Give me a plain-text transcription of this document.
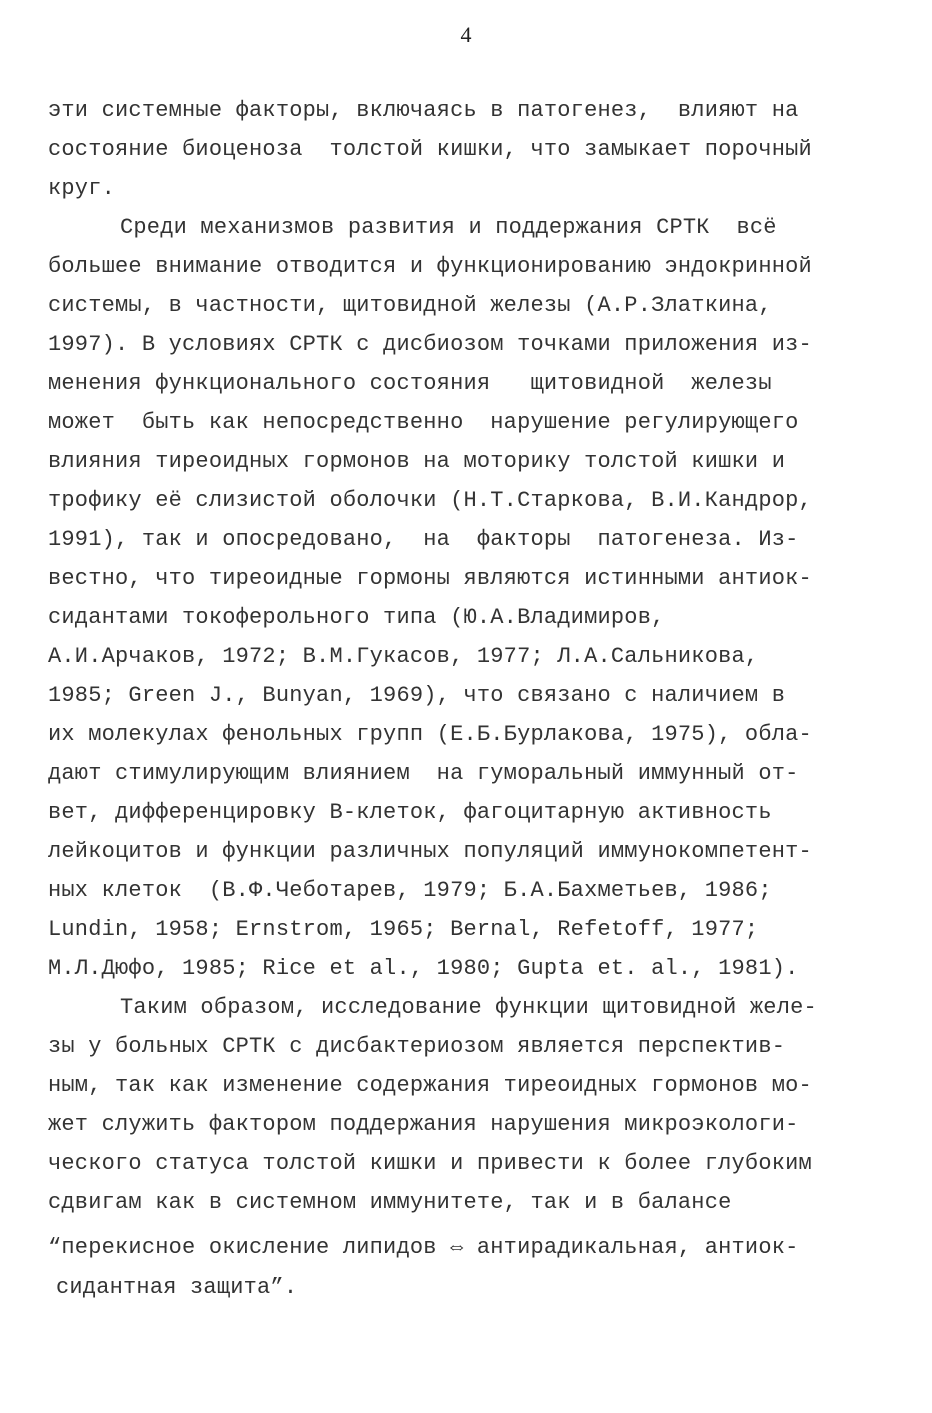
4
эти системные факторы, включаясь в патогенез,  влияют на
состояние биоценоза  толстой кишки, что замыкает порочный
круг.
Среди механизмов развития и поддержания СРТК  всё
большее внимание отводится и функционированию эндокринной
системы, в частности, щитовидной железы (А.Р.Златкина,
1997). В условиях СРТК с дисбиозом точками приложения из-
менения функционального состояния   щитовидной  железы
может  быть как непосредственно  нарушение регулирующего
влияния тиреоидных гормонов на моторику толстой кишки и
трофику её слизистой оболочки (Н.Т.Старкова, В.И.Кандрор,
1991), так и опосредовано,  на  факторы  патогенеза. Из-
вестно, что тиреоидные гормоны являются истинными антиок-
сидантами токоферольного типа (Ю.А.Владимиров,
А.И.Арчаков, 1972; В.М.Гукасов, 1977; Л.А.Сальникова,
1985; Green J., Bunyan, 1969), что связано с наличием в
их молекулах фенольных групп (Е.Б.Бурлакова, 1975), обла-
дают стимулирующим влиянием  на гуморальный иммунный от-
вет, дифференцировку В-клеток, фагоцитарную активность
лейкоцитов и функции различных популяций иммунокомпетент-
ных клеток  (В.Ф.Чеботарев, 1979; Б.А.Бахметьев, 1986;
Lundin, 1958; Ernstrom, 1965; Bernal, Refetoff, 1977;
М.Л.Дюфо, 1985; Rice et al., 1980; Gupta et. al., 1981).
Таким образом, исследование функции щитовидной желе-
зы у больных СРТК с дисбактериозом является перспектив-
ным, так как изменение содержания тиреоидных гормонов мо-
жет служить фактором поддержания нарушения микроэкологи-
ческого статуса толстой кишки и привести к более глубоким
сдвигам как в системном иммунитете, так и в балансе
“перекисное окисление липидов ⇔ антирадикальная, антиок-
сидантная защита”.
